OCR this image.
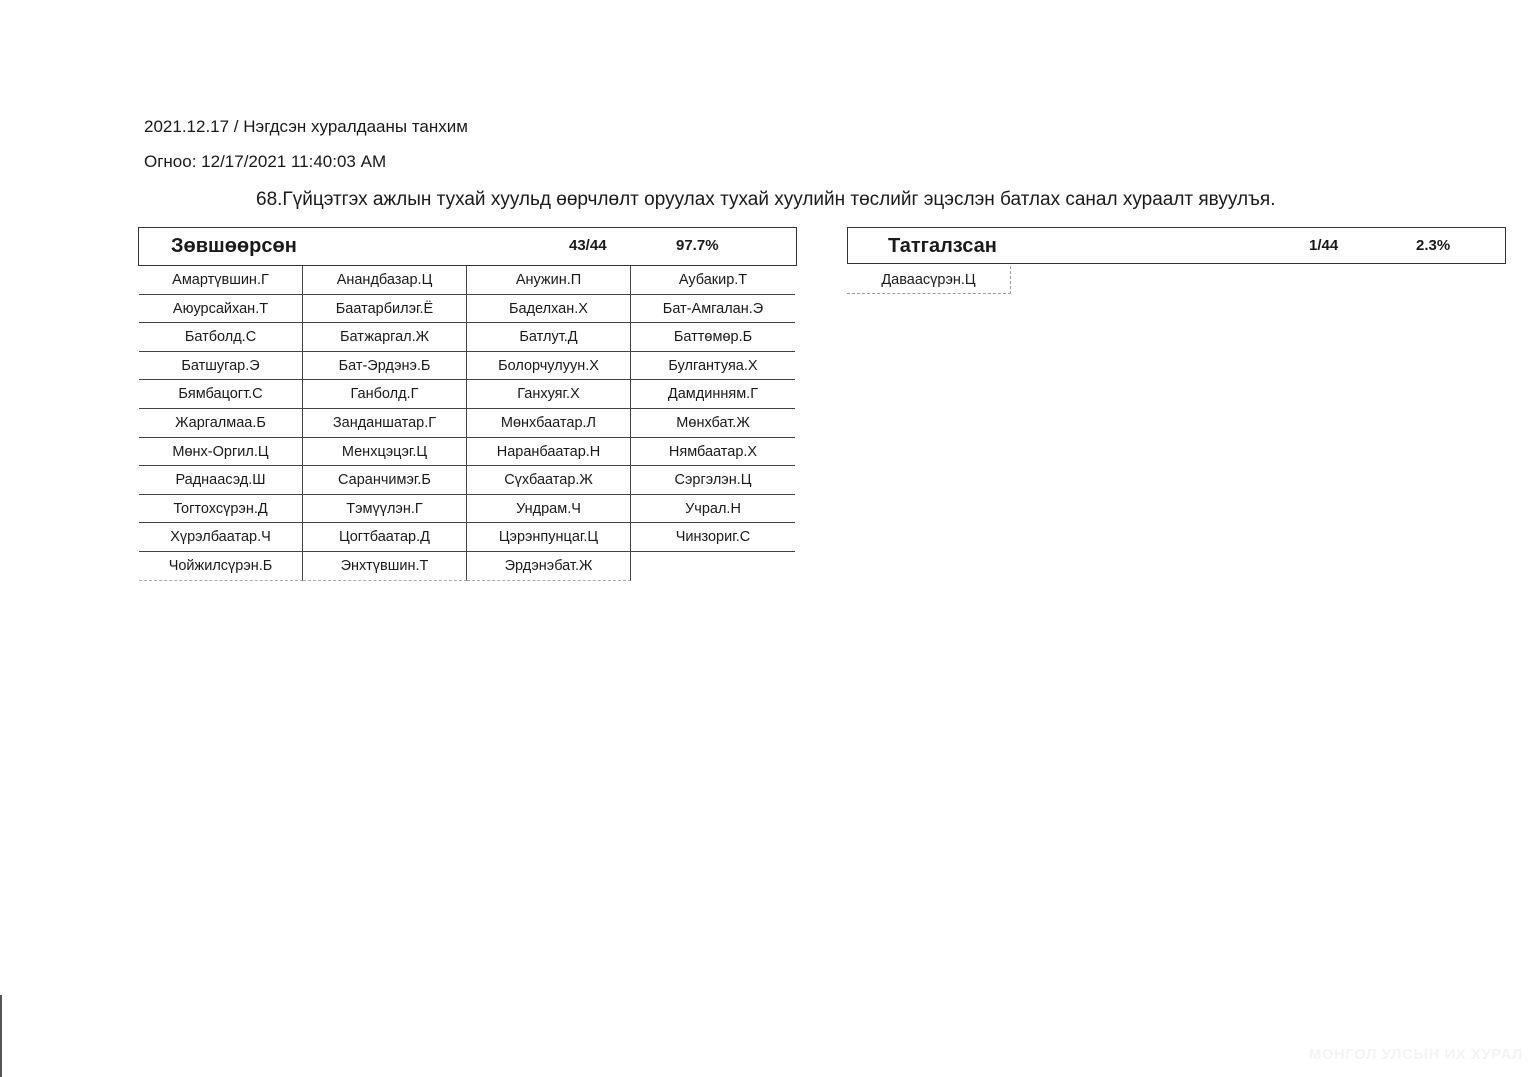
2021.12.17 / Нэгдсэн хуралдааны танхим
Огноо: 12/17/2021 11:40:03 AM
68.Гүйцэтгэх ажлын тухай хуульд өөрчлөлт оруулах тухай хуулийн төслийг эцэслэн батлах санал хураалт явуулъя.
Зөвшөөрсөн	43/44	97.7%
Амартүвшин.Г	Анандбазар.Ц	Анужин.П	Аубакир.Т
Аюурсайхан.Т	Баатарбилэг.Ё	Баделхан.Х	Бат-Амгалан.Э
Батболд.С	Батжаргал.Ж	Батлут.Д	Баттөмөр.Б
Батшугар.Э	Бат-Эрдэнэ.Б	Болорчулуун.Х	Булгантуяа.Х
Бямбацогт.С	Ганболд.Г	Ганхуяг.Х	Дамдинням.Г
Жаргалмаа.Б	Занданшатар.Г	Мөнхбаатар.Л	Мөнхбат.Ж
Мөнх-Оргил.Ц	Менхцэцэг.Ц	Наранбаатар.Н	Нямбаатар.Х
Раднаасэд.Ш	Саранчимэг.Б	Сүхбаатар.Ж	Сэргэлэн.Ц
Тогтохсүрэн.Д	Тэмүүлэн.Г	Ундрам.Ч	Учрал.Н
Хүрэлбаатар.Ч	Цогтбаатар.Д	Цэрэнпунцаг.Ц	Чинзориг.С
Чойжилсүрэн.Б	Энхтүвшин.Т	Эрдэнэбат.Ж
Татгалзсан	1/44	2.3%
Даваасүрэн.Ц
МОНГОЛ УЛСЫН ИХ ХУРАЛ
